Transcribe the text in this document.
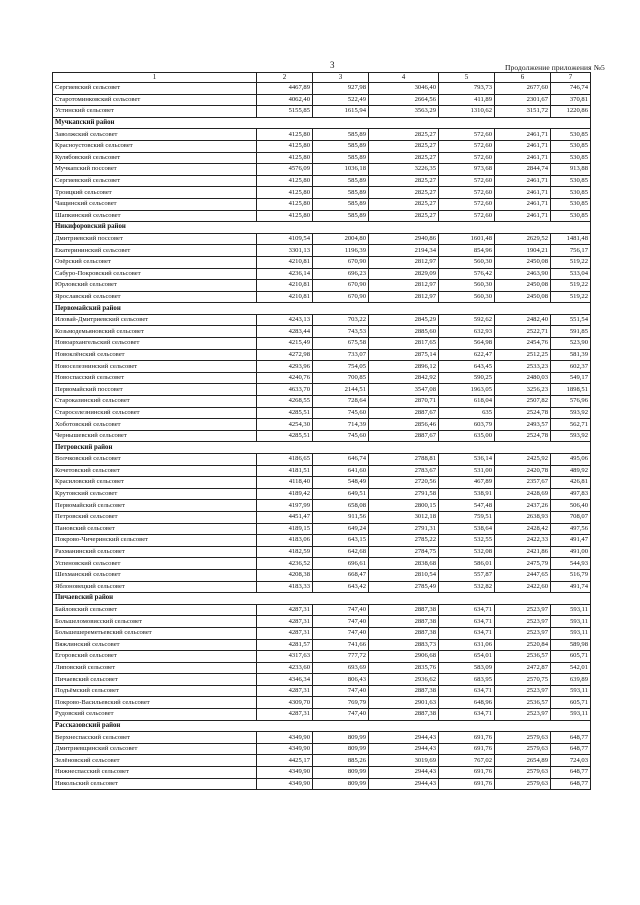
3	Продолжение приложения №5
1	2	3	4	5	6	7
Сергиевский сельсовет	4467,89	927,98	3046,40	793,73	2677,60	746,74
Старотоминковский сельсовет	4062,40	522,49	2664,56	411,89	2301,67	370,81
Устинский сельсовет	5155,85	1615,94	3563,29	1310,62	3151,72	1220,86
Мучкапский район						
Заволжский сельсовет	4125,80	585,89	2825,27	572,60	2461,71	530,85
Красноустовский сельсовет	4125,80	585,89	2825,27	572,60	2461,71	530,85
Кулябовский сельсовет	4125,80	585,89	2825,27	572,60	2461,71	530,85
Мучкапский поссовет	4576,09	1036,18	3226,35	973,68	2844,74	913,88
Сергиевский сельсовет	4125,80	585,89	2825,27	572,60	2461,71	530,85
Троицкий сельсовет	4125,80	585,89	2825,27	572,60	2461,71	530,85
Чащинский сельсовет	4125,80	585,89	2825,27	572,60	2461,71	530,85
Шапкинский сельсовет	4125,80	585,89	2825,27	572,60	2461,71	530,85
Никифоровский район						
Дмитриевский поссовет	4109,54	2004,80	2940,86	1601,48	2629,52	1481,48
Екатерининский сельсовет	3301,13	1196,39	2194,34	854,96	1904,21	756,17
Озёрский сельсовет	4210,81	670,90	2812,97	560,30	2450,08	519,22
Сабуро-Покровский сельсовет	4236,14	696,23	2829,09	576,42	2463,90	533,04
Юрловский сельсовет	4210,81	670,90	2812,97	560,30	2450,08	519,22
Ярославский сельсовет	4210,81	670,90	2812,97	560,30	2450,08	519,22
Первомайский район						
Иловай-Дмитриевский сельсовет	4243,13	703,22	2845,29	592,62	2482,40	551,54
Козьмодемьяновский сельсовет	4283,44	743,53	2885,60	632,93	2522,71	591,85
Новоархангельский сельсовет	4215,49	675,58	2817,65	564,98	2454,76	523,90
Новоклёнский сельсовет	4272,98	733,07	2875,14	622,47	2512,25	581,39
Новоселезнинский сельсовет	4293,96	754,05	2896,12	643,45	2533,23	602,37
Новоспасский сельсовет	4240,76	700,85	2842,92	590,25	2480,03	549,17
Первомайский поссовет	4633,70	2144,51	3547,08	1963,05	3256,23	1898,51
Староказинский сельсовет	4268,55	728,64	2870,71	618,04	2507,82	576,96
Староселезнинский сельсовет	4285,51	745,60	2887,67	635	2524,78	593,92
Хоботовский сельсовет	4254,30	714,39	2856,46	603,79	2493,57	562,71
Чернышевский сельсовет	4285,51	745,60	2887,67	635,00	2524,78	593,92
Петровский район						
Волчковский сельсовет	4186,65	646,74	2788,81	536,14	2425,92	495,06
Кочетовский сельсовет	4181,51	641,60	2783,67	531,00	2420,78	489,92
Красиловский сельсовет	4118,40	548,49	2720,56	467,89	2357,67	426,81
Крутовский сельсовет	4189,42	649,51	2791,58	538,91	2428,69	497,83
Первомайский сельсовет	4197,99	658,08	2800,15	547,48	2437,26	506,40
Петровский сельсовет	4451,47	911,56	3012,18	759,51	2638,93	708,07
Пановский сельсовет	4189,15	649,24	2791,31	538,64	2428,42	497,56
Покрово-Чичеринский сельсовет	4183,06	643,15	2785,22	532,55	2422,33	491,47
Рахманинский сельсовет	4182,59	642,68	2784,75	532,08	2421,86	491,00
Успеновский сельсовет	4236,52	696,61	2838,68	586,01	2475,79	544,93
Шехманский сельсовет	4208,38	668,47	2810,54	557,87	2447,65	516,79
Яблоновецкий сельсовет	4183,33	643,42	2785,49	532,82	2422,60	491,74
Пичаевский район						
Байловский сельсовет	4287,31	747,40	2887,38	634,71	2523,97	593,11
Большеломовисский сельсовет	4287,31	747,40	2887,38	634,71	2523,97	593,11
Большешереметьевский сельсовет	4287,31	747,40	2887,38	634,71	2523,97	593,11
Вяжлинский сельсовет	4281,57	741,66	2883,73	631,06	2520,84	589,98
Егоровский сельсовет	4317,63	777,72	2906,68	654,01	2536,57	605,71
Липовский сельсовет	4233,60	693,69	2835,76	583,09	2472,87	542,01
Пичаевский сельсовет	4346,34	806,43	2936,62	683,95	2570,75	639,89
Подъёмский сельсовет	4287,31	747,40	2887,38	634,71	2523,97	593,11
Покрово-Васильевский сельсовет	4309,70	769,79	2901,63	648,96	2536,57	605,71
Рудовский сельсовет	4287,31	747,40	2887,38	634,71	2523,97	593,11
Рассказовский район						
Верхнеспасский сельсовет	4349,90	809,99	2944,43	691,76	2579,63	648,77
Дмитриевщинский сельсовет	4349,90	809,99	2944,43	691,76	2579,63	648,77
Зелёновский сельсовет	4425,17	885,26	3019,69	767,02	2654,89	724,03
Нижнеспасский сельсовет	4349,90	809,99	2944,43	691,76	2579,63	648,77
Никольский сельсовет	4349,90	809,99	2944,43	691,76	2579,63	648,77
